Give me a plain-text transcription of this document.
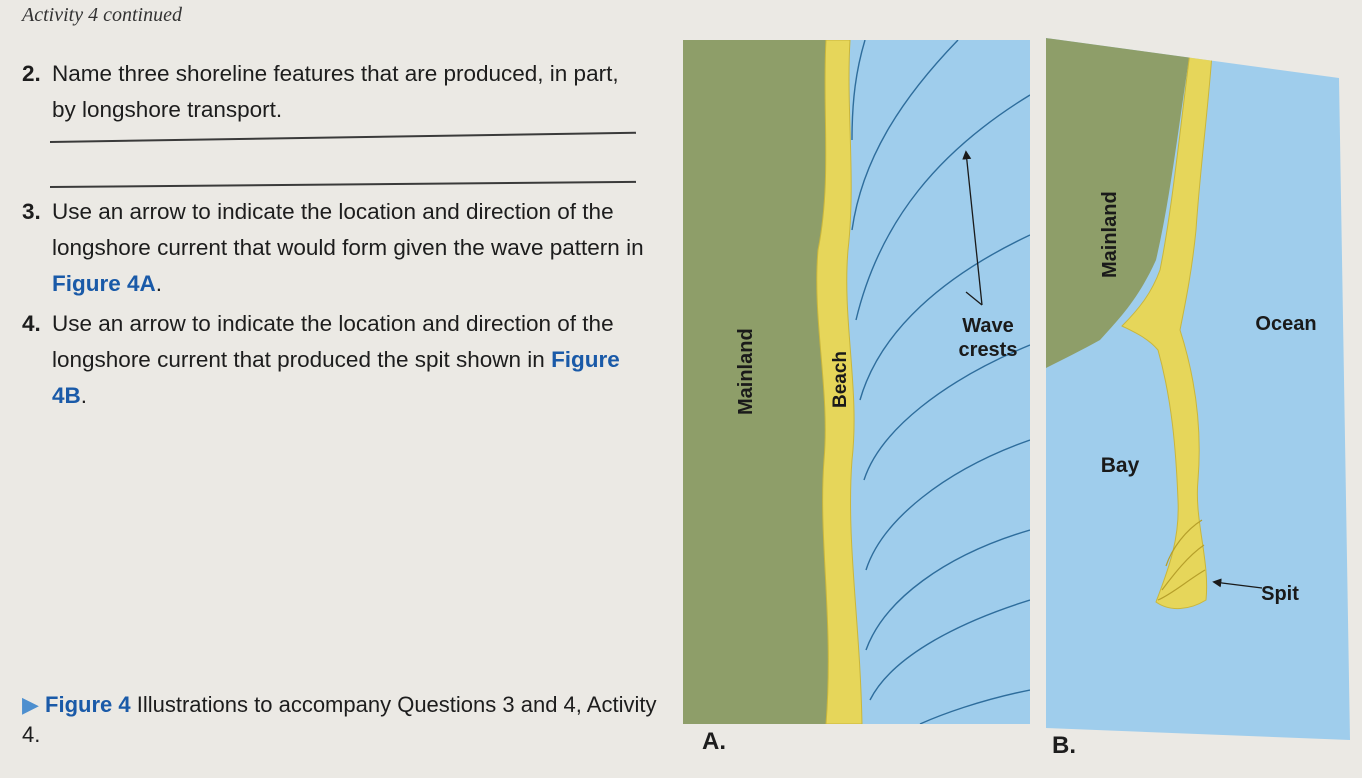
Activity 4 continued
2. Name three shoreline features that are produced, in part, by longshore transport.
3. Use an arrow to indicate the location and direction of the longshore current that would form given the wave pattern in Figure 4A.
4. Use an arrow to indicate the location and direction of the longshore current that produced the spit shown in Figure 4B.
▶ Figure 4 Illustrations to accompany Questions 3 and 4, Activity 4.
Mainland	Beach
Wave
crests
Mainland
Ocean
Bay
Spit
A.	B.
